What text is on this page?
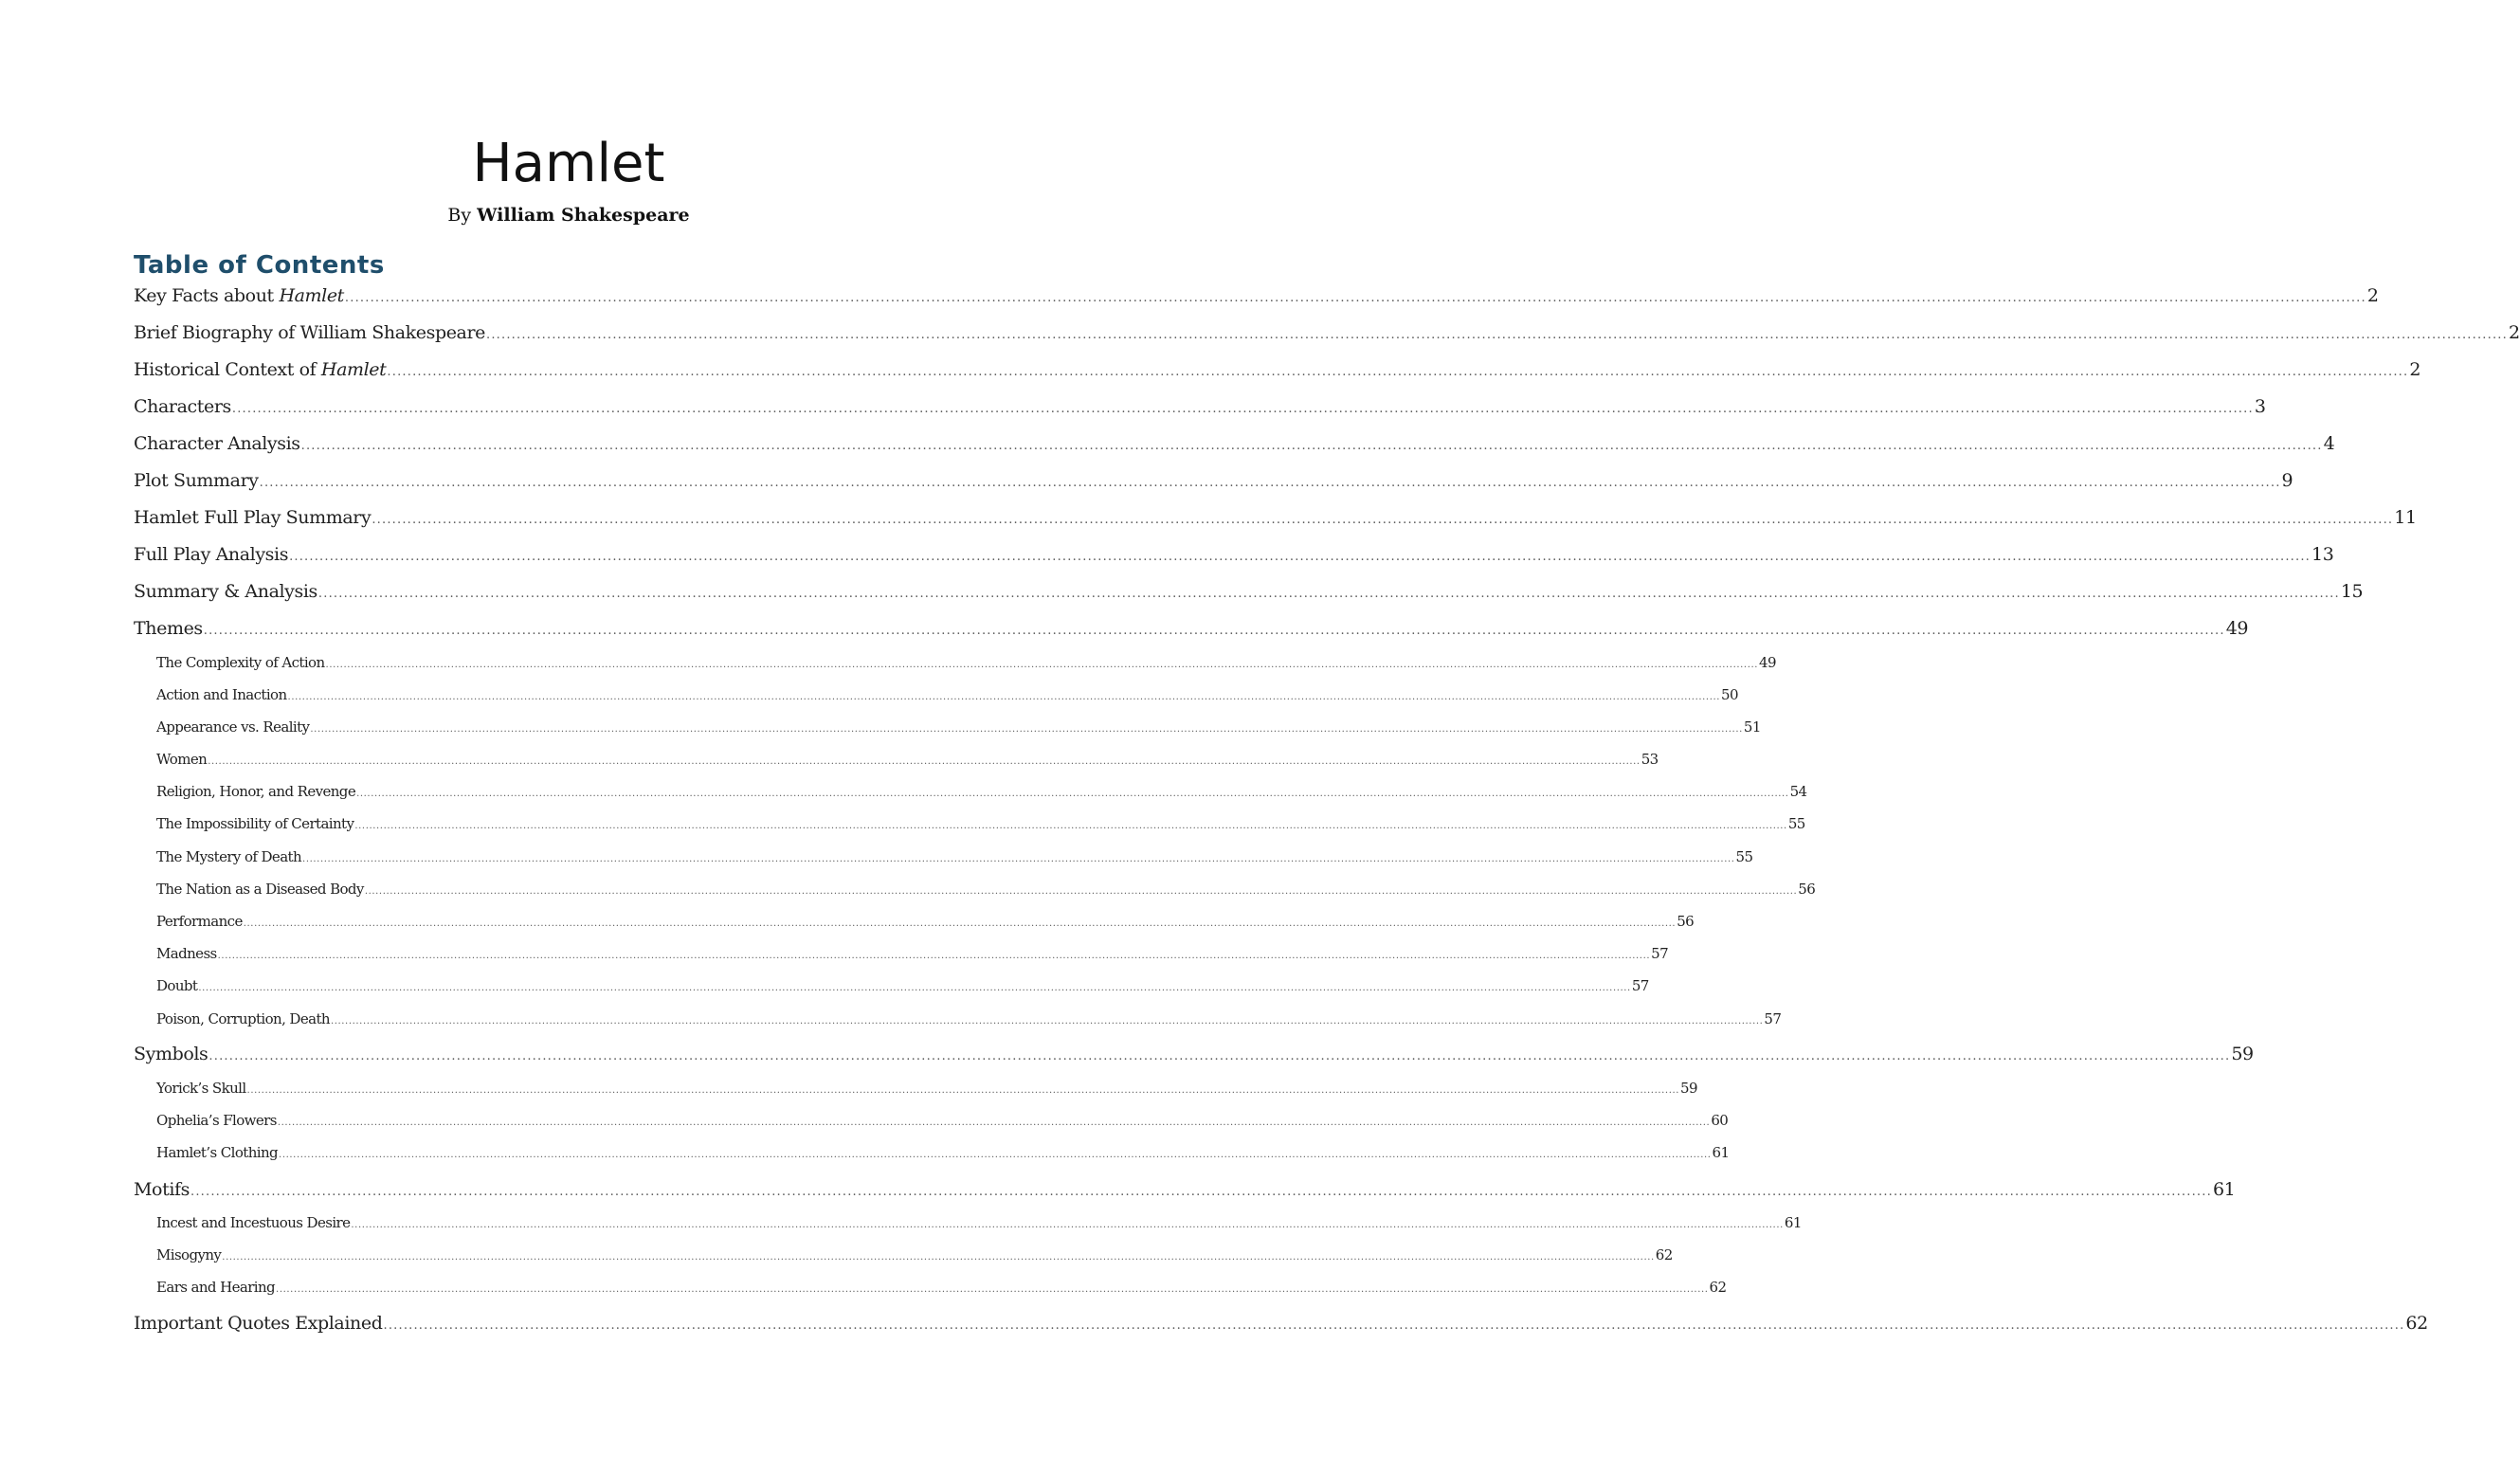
Hamlet
By William Shakespeare
Table of Contents
Key Facts about Hamlet ................................................................................................................................................................................................................................................................................................................................................................................................................ 2
Brief Biography of William Shakespeare ................................................................................................................................................................................................................................................................................................................................................................................................................ 2
Historical Context of Hamlet ................................................................................................................................................................................................................................................................................................................................................................................................................ 2
Characters ................................................................................................................................................................................................................................................................................................................................................................................................................ 3
Character Analysis ................................................................................................................................................................................................................................................................................................................................................................................................................ 4
Plot Summary ................................................................................................................................................................................................................................................................................................................................................................................................................ 9
Hamlet Full Play Summary ................................................................................................................................................................................................................................................................................................................................................................................................................ 11
Full Play Analysis ................................................................................................................................................................................................................................................................................................................................................................................................................ 13
Summary & Analysis ................................................................................................................................................................................................................................................................................................................................................................................................................ 15
Themes ................................................................................................................................................................................................................................................................................................................................................................................................................ 49
The Complexity of Action ................................................................................................................................................................................................................................................................................................................................................................................................................ 49
Action and Inaction ................................................................................................................................................................................................................................................................................................................................................................................................................ 50
Appearance vs. Reality ................................................................................................................................................................................................................................................................................................................................................................................................................ 51
Women ................................................................................................................................................................................................................................................................................................................................................................................................................ 53
Religion, Honor, and Revenge ................................................................................................................................................................................................................................................................................................................................................................................................................ 54
The Impossibility of Certainty ................................................................................................................................................................................................................................................................................................................................................................................................................ 55
The Mystery of Death ................................................................................................................................................................................................................................................................................................................................................................................................................ 55
The Nation as a Diseased Body ................................................................................................................................................................................................................................................................................................................................................................................................................ 56
Performance ................................................................................................................................................................................................................................................................................................................................................................................................................ 56
Madness ................................................................................................................................................................................................................................................................................................................................................................................................................ 57
Doubt ................................................................................................................................................................................................................................................................................................................................................................................................................ 57
Poison, Corruption, Death ................................................................................................................................................................................................................................................................................................................................................................................................................ 57
Symbols ................................................................................................................................................................................................................................................................................................................................................................................................................ 59
Yorick’s Skull ................................................................................................................................................................................................................................................................................................................................................................................................................ 59
Ophelia’s Flowers ................................................................................................................................................................................................................................................................................................................................................................................................................ 60
Hamlet’s Clothing ................................................................................................................................................................................................................................................................................................................................................................................................................ 61
Motifs ................................................................................................................................................................................................................................................................................................................................................................................................................ 61
Incest and Incestuous Desire ................................................................................................................................................................................................................................................................................................................................................................................................................ 61
Misogyny ................................................................................................................................................................................................................................................................................................................................................................................................................ 62
Ears and Hearing ................................................................................................................................................................................................................................................................................................................................................................................................................ 62
Important Quotes Explained ................................................................................................................................................................................................................................................................................................................................................................................................................ 62
